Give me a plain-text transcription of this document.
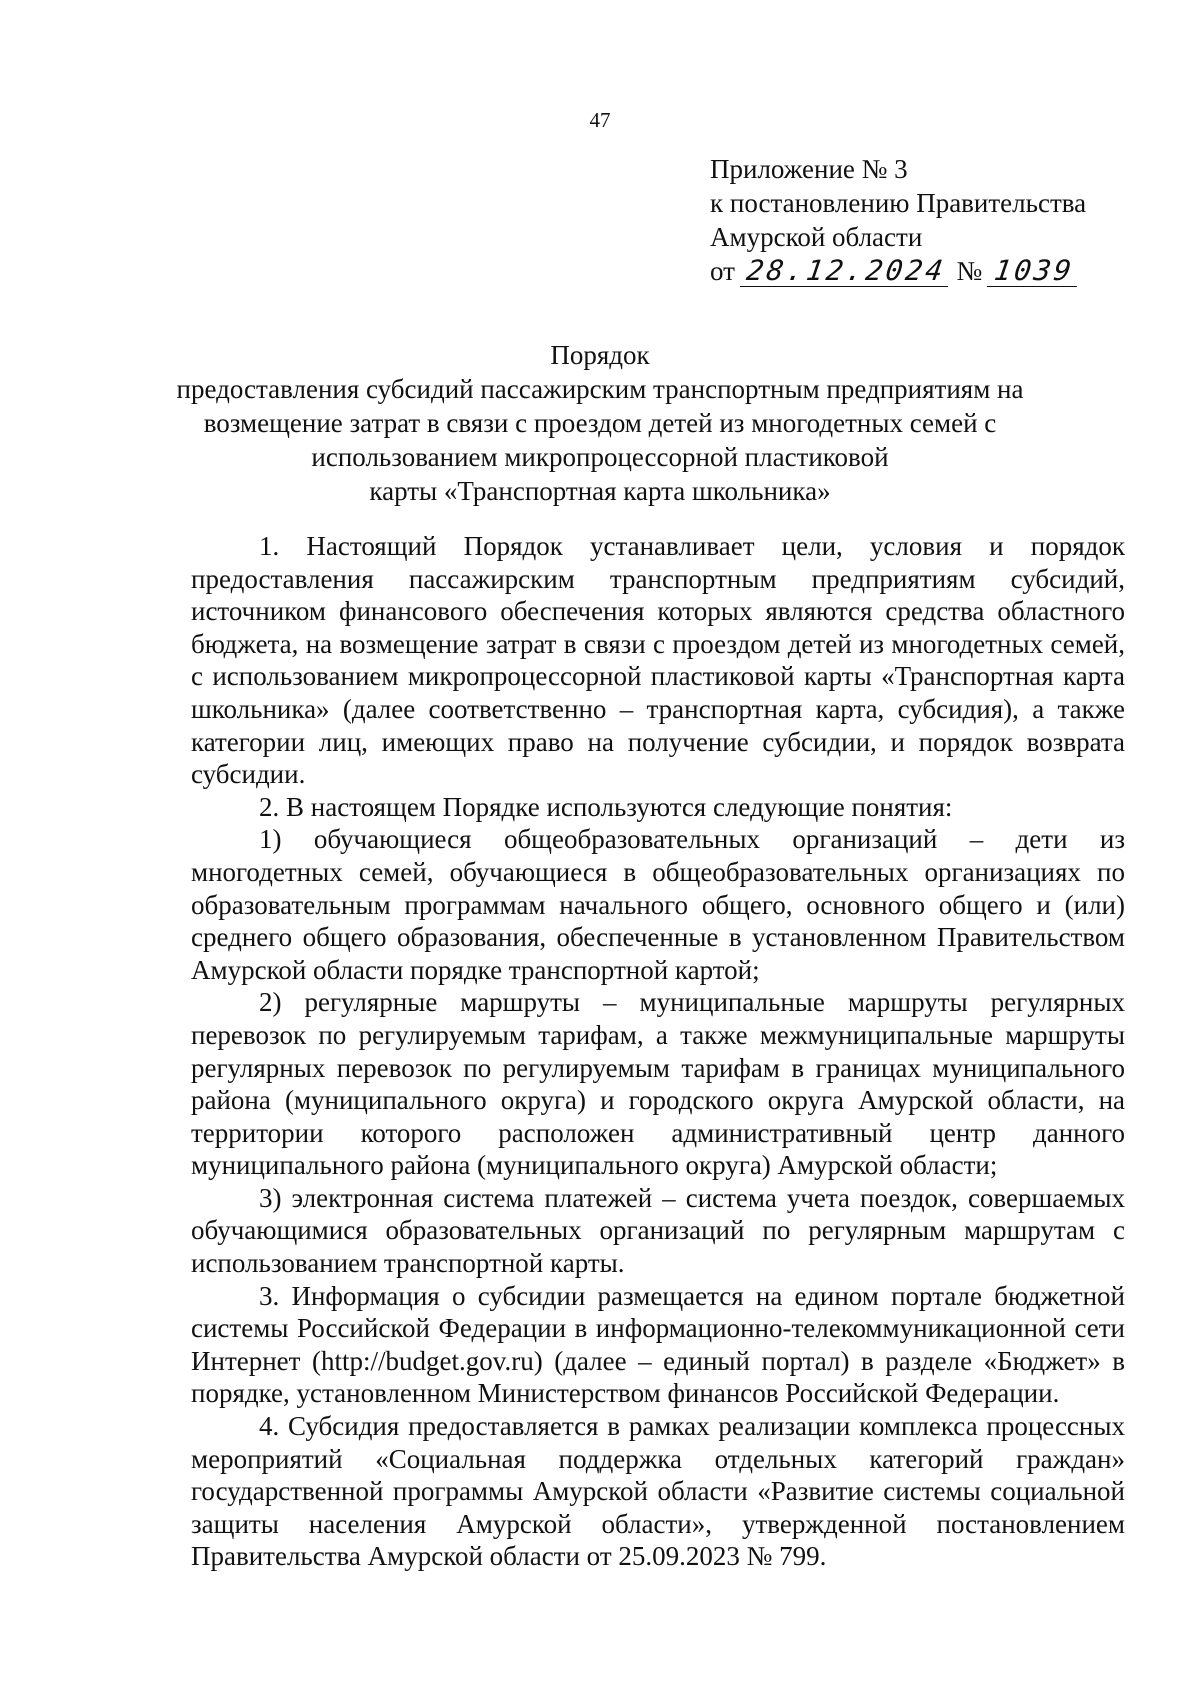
47
Приложение № 3
к постановлению Правительства
Амурской области
от 28.12.2024 № 1039
Порядок
предоставления субсидий пассажирским транспортным предприятиям на
возмещение затрат в связи с проездом детей из многодетных семей с
использованием микропроцессорной пластиковой
карты «Транспортная карта школьника»

1. Настоящий Порядок устанавливает цели, условия и порядок предоставления пассажирским транспортным предприятиям субсидий, источником финансового обеспечения которых являются средства областного бюджета, на возмещение затрат в связи с проездом детей из многодетных семей, с использованием микропроцессорной пластиковой карты «Транспортная карта школьника» (далее соответственно – транспортная карта, субсидия), а также категории лиц, имеющих право на получение субсидии, и порядок возврата субсидии.

2. В настоящем Порядке используются следующие понятия:

1) обучающиеся общеобразовательных организаций – дети из многодетных семей, обучающиеся в общеобразовательных организациях по образовательным программам начального общего, основного общего и (или) среднего общего образования, обеспеченные в установленном Правительством Амурской области порядке транспортной картой;

2) регулярные маршруты – муниципальные маршруты регулярных перевозок по регулируемым тарифам, а также межмуниципальные маршруты регулярных перевозок по регулируемым тарифам в границах муниципального района (муниципального округа) и городского округа Амурской области, на территории которого расположен административный центр данного муниципального района (муниципального округа) Амурской области;

3) электронная система платежей – система учета поездок, совершаемых обучающимися образовательных организаций по регулярным маршрутам с использованием транспортной карты.

3. Информация о субсидии размещается на едином портале бюджетной системы Российской Федерации в информационно-телекоммуникационной сети Интернет (http://budget.gov.ru) (далее – единый портал) в разделе «Бюджет» в порядке, установленном Министерством финансов Российской Федерации.

4. Субсидия предоставляется в рамках реализации комплекса процессных мероприятий «Социальная поддержка отдельных категорий граждан» государственной программы Амурской области «Развитие системы социальной защиты населения Амурской области», утвержденной постановлением Правительства Амурской области от 25.09.2023 № 799.
